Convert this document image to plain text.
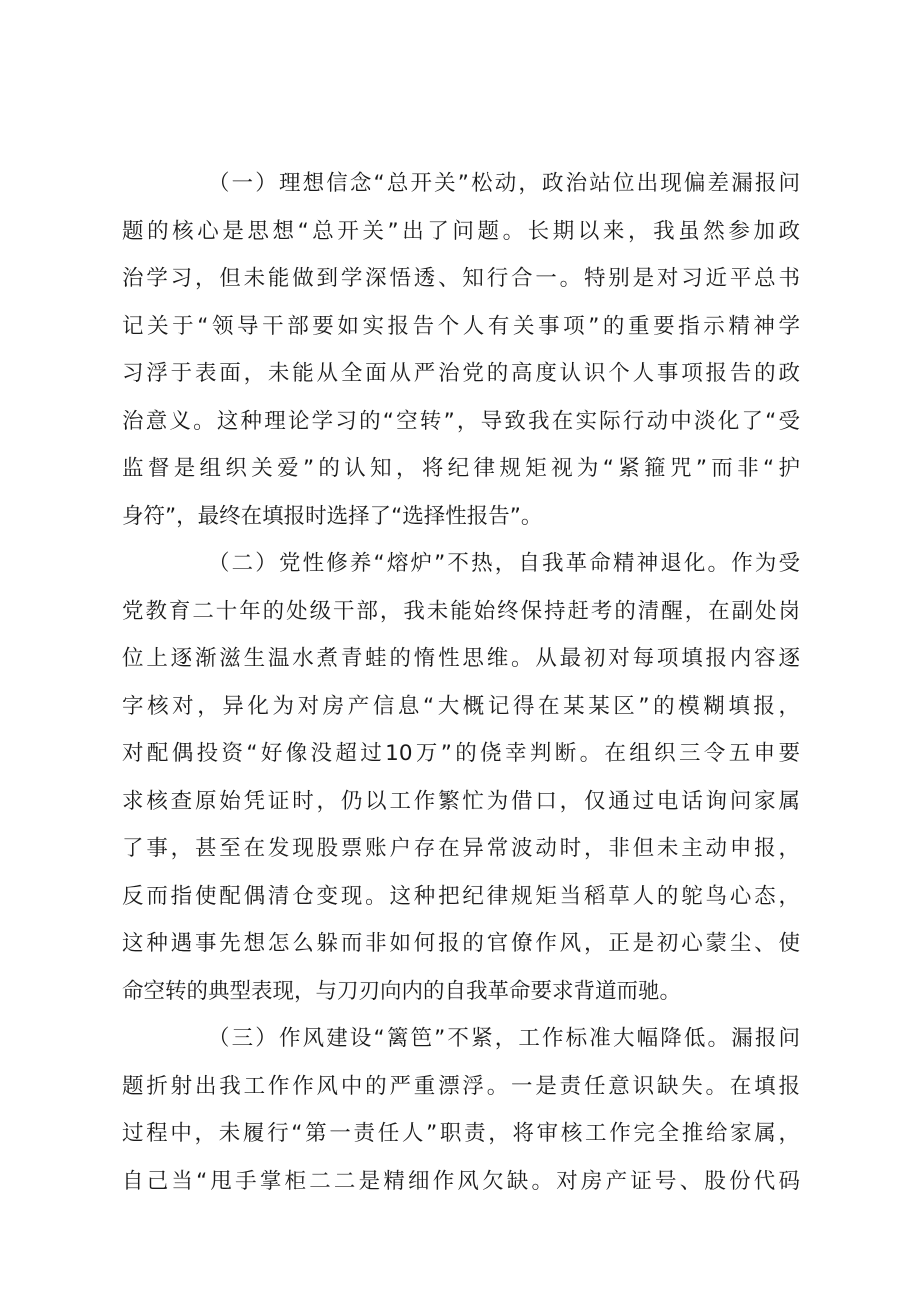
（一）理想信念“总开关”松动，政治站位出现偏差漏报问
题的核心是思想“总开关”出了问题。长期以来，我虽然参加政
治学习，但未能做到学深悟透、知行合一。特别是对习近平总书
记关于“领导干部要如实报告个人有关事项”的重要指示精神学
习浮于表面，未能从全面从严治党的高度认识个人事项报告的政
治意义。这种理论学习的“空转”，导致我在实际行动中淡化了“受
监督是组织关爱”的认知，将纪律规矩视为“紧箍咒”而非“护
身符”，最终在填报时选择了“选择性报告”。
（二）党性修养“熔炉”不热，自我革命精神退化。作为受
党教育二十年的处级干部，我未能始终保持赶考的清醒，在副处岗
位上逐渐滋生温水煮青蛙的惰性思维。从最初对每项填报内容逐
字核对，异化为对房产信息“大概记得在某某区”的模糊填报，
对配偶投资“好像没超过10万”的侥幸判断。在组织三令五申要
求核查原始凭证时，仍以工作繁忙为借口，仅通过电话询问家属
了事，甚至在发现股票账户存在异常波动时，非但未主动申报，
反而指使配偶清仓变现。这种把纪律规矩当稻草人的鸵鸟心态，
这种遇事先想怎么躲而非如何报的官僚作风，正是初心蒙尘、使
命空转的典型表现，与刀刃向内的自我革命要求背道而驰。
（三）作风建设“篱笆”不紧，工作标准大幅降低。漏报问
题折射出我工作作风中的严重漂浮。一是责任意识缺失。在填报
过程中，未履行“第一责任人”职责，将审核工作完全推给家属，
自己当“甩手掌柜二二是精细作风欠缺。对房产证号、股份代码
